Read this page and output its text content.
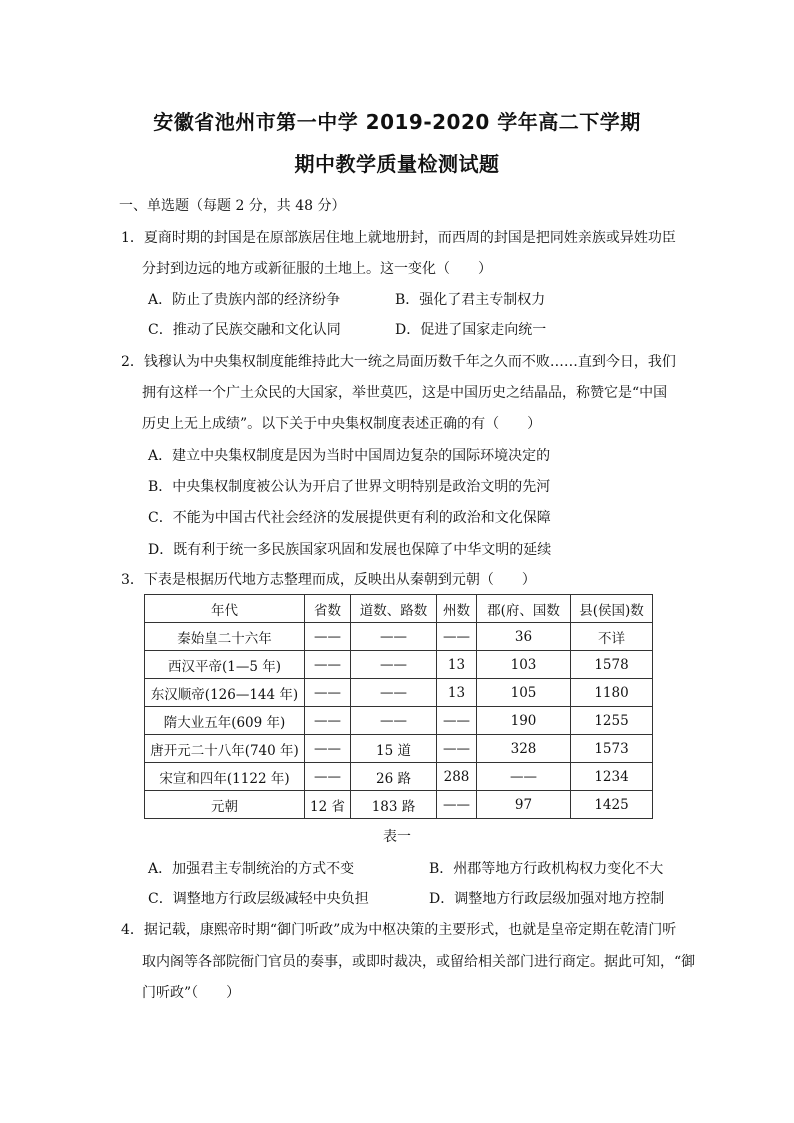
安徽省池州市第一中学 2019-2020 学年高二下学期
期中教学质量检测试题
一、单选题（每题 2 分，共 48 分）
1．夏商时期的封国是在原部族居住地上就地册封，而西周的封国是把同姓亲族或异姓功臣
分封到边远的地方或新征服的土地上。这一变化（　　）
A．防止了贵族内部的经济纷争	B．强化了君主专制权力
C．推动了民族交融和文化认同	D．促进了国家走向统一
2．钱穆认为中央集权制度能维持此大一统之局面历数千年之久而不败……直到今日，我们
拥有这样一个广土众民的大国家，举世莫匹，这是中国历史之结晶品，称赞它是“中国
历史上无上成绩”。以下关于中央集权制度表述正确的有（　　）
A．建立中央集权制度是因为当时中国周边复杂的国际环境决定的
B．中央集权制度被公认为开启了世界文明特别是政治文明的先河
C．不能为中国古代社会经济的发展提供更有利的政治和文化保障
D．既有利于统一多民族国家巩固和发展也保障了中华文明的延续
3．下表是根据历代地方志整理而成，反映出从秦朝到元朝（　　）
年代	省数	道数、路数	州数	郡(府、国数	县(侯国)数
秦始皇二十六年	——	——	——	36	不详
西汉平帝(1—5 年)	——	——	13	103	1578
东汉顺帝(126—144 年)	——	——	13	105	1180
隋大业五年(609 年)	——	——	——	190	1255
唐开元二十八年(740 年)	——	15 道	——	328	1573
宋宣和四年(1122 年)	——	26 路	288	——	1234
元朝	12 省	183 路	——	97	1425
表一
A．加强君主专制统治的方式不变	B．州郡等地方行政机构权力变化不大
C．调整地方行政层级减轻中央负担	D．调整地方行政层级加强对地方控制
4．据记载，康熙帝时期“御门听政”成为中枢决策的主要形式，也就是皇帝定期在乾清门听
取内阁等各部院衙门官员的奏事，或即时裁决，或留给相关部门进行商定。据此可知，“御
门听政”（　　）
